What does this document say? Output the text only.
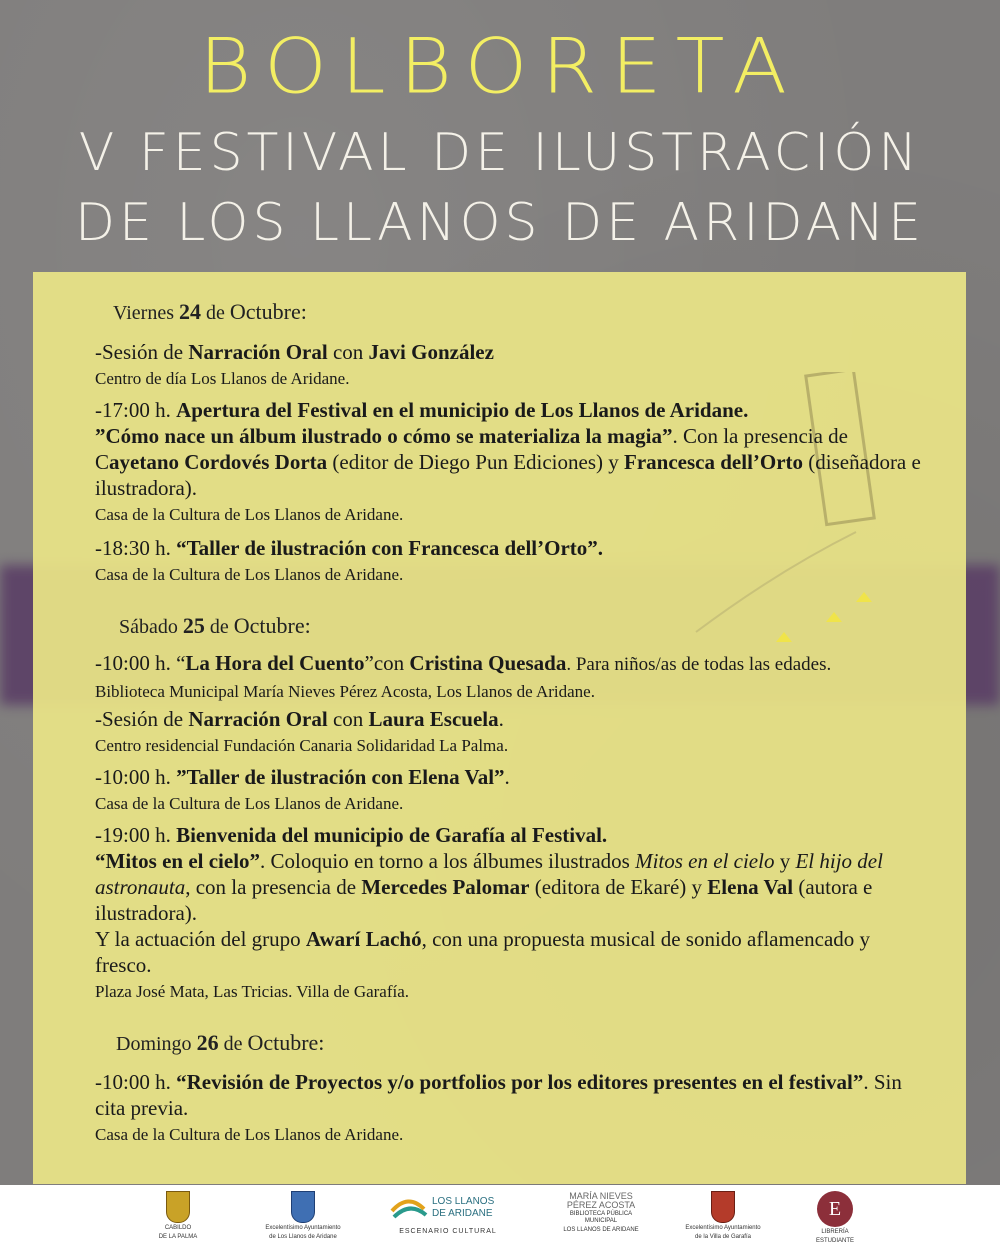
BOLBORETA
V FESTIVAL DE ILUSTRACIÓN
DE LOS LLANOS DE ARIDANE
Viernes 24 de Octubre:

-Sesión de Narración Oral con Javi González

Centro de día Los Llanos de Aridane.

-17:00 h. Apertura del Festival en el municipio de Los Llanos de Aridane.

”Cómo nace un álbum ilustrado o cómo se materializa la magia”. Con la presencia de Cayetano Cordovés Dorta (editor de Diego Pun Ediciones) y Francesca dell’Orto (diseñadora e ilustradora).

Casa de la Cultura de Los Llanos de Aridane.

-18:30 h. “Taller de ilustración con Francesca dell’Orto”.

Casa de la Cultura de Los Llanos de Aridane.
Sábado 25 de Octubre:

-10:00 h. “La Hora del Cuento”con Cristina Quesada. Para niños/as de todas las edades.

Biblioteca Municipal María Nieves Pérez Acosta, Los Llanos de Aridane.

-Sesión de Narración Oral con Laura Escuela.

Centro residencial Fundación Canaria Solidaridad La Palma.

-10:00 h. ”Taller de ilustración con Elena Val”.

Casa de la Cultura de Los Llanos de Aridane.

-19:00 h. Bienvenida del municipio de Garafía al Festival.

“Mitos en el cielo”. Coloquio en torno a los álbumes ilustrados Mitos en el cielo y El hijo del astronauta, con la presencia de Mercedes Palomar (editora de Ekaré) y Elena Val (autora e ilustradora).

Y la actuación del grupo Awarí Lachó, con una propuesta musical de sonido aflamencado y fresco.

Plaza José Mata, Las Tricias. Villa de Garafía.
Domingo 26 de Octubre:

-10:00 h. “Revisión de Proyectos y/o portfolios por los editores presentes en el festival”. Sin cita previa.

Casa de la Cultura de Los Llanos de Aridane.
CABILDO
DE LA PALMA
Excelentísimo Ayuntamiento
de Los Llanos de Aridane
LOS LLANOS
DE ARIDANE
ESCENARIO CULTURAL
MARÍA NIEVES
PÉREZ ACOSTA
BIBLIOTECA PÚBLICA MUNICIPAL
LOS LLANOS DE ARIDANE	Excelentísimo Ayuntamiento
de la Villa de Garafía
E
LIBRERÍA
ESTUDIANTE
